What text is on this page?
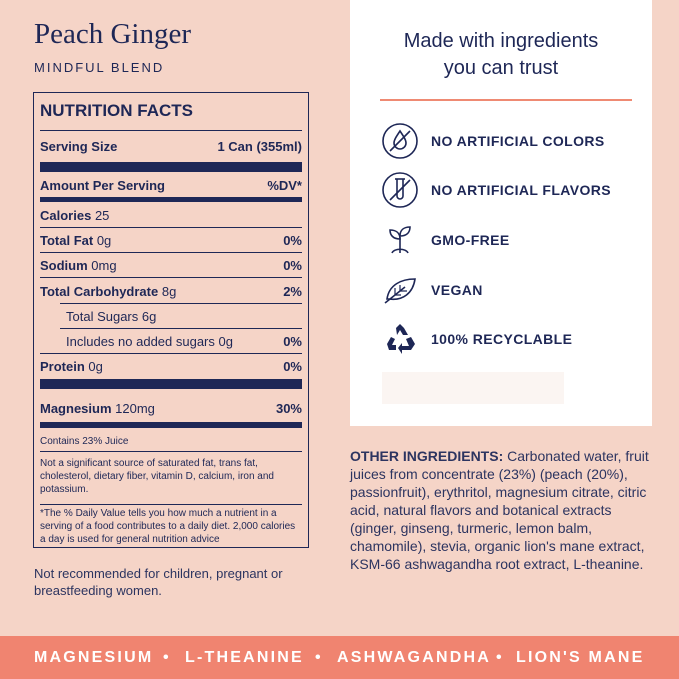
Peach Ginger
MINDFUL BLEND
NUTRITION FACTS
Serving Size	1 Can (355ml)
Amount Per Serving	%DV*
Calories 25
Total Fat 0g	0%
Sodium 0mg	0%
Total Carbohydrate 8g	2%
Total Sugars 6g
Includes no added sugars 0g	0%
Protein 0g	0%
Magnesium 120mg	30%
Contains 23% Juice
Not a significant source of saturated fat, trans fat, cholesterol, dietary fiber, vitamin D, calcium, iron and potassium.
*The % Daily Value tells you how much a nutrient in a serving of a food contributes to a daily diet. 2,000 calories a day is used for general nutrition advice
Not recommended for children, pregnant or breastfeeding women.
Made with ingredients
you can trust
NO ARTIFICIAL COLORS
NO ARTIFICIAL FLAVORS
GMO-FREE
VEGAN
100% RECYCLABLE
OTHER INGREDIENTS: Carbonated water, fruit juices from concentrate (23%) (peach (20%), passionfruit), erythritol, magnesium citrate, citric acid, natural flavors and botanical extracts (ginger, ginseng, turmeric, lemon balm, chamomile), stevia, organic lion's mane extract, KSM-66 ashwagandha root extract, L-theanine.
MAGNESIUM • L-THEANINE • ASHWAGANDHA • LION'S MANE
